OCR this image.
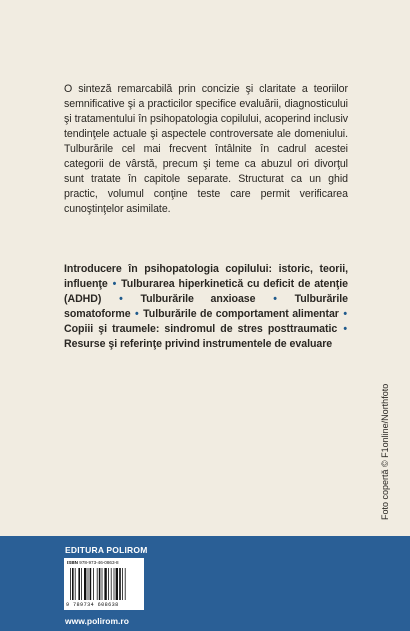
O sinteză remarcabilă prin concizie şi claritate a teoriilor semnificative şi a practicilor specifice evaluării, diagnosticului şi tratamentului în psihopatologia copilului, acoperind inclusiv tendinţele actuale şi aspectele controversate ale domeniului. Tulburările cel mai frecvent întâlnite în cadrul acestei categorii de vârstă, precum şi teme ca abuzul ori divorţul sunt tratate în capitole separate. Structurat ca un ghid practic, volumul conţine teste care permit verificarea cunoştinţelor asimilate.

Introducere în psihopatologia copilului: istoric, teorii, influenţe • Tulburarea hiperkinetică cu deficit de atenţie (ADHD) • Tulburările anxioase • Tulburările somatoforme • Tulburările de comportament alimentar • Copiii şi traumele: sindromul de stres posttraumatic • Resurse şi referinţe privind instrumentele de evaluare

Foto copertă © F1online/Northfoto
EDITURA POLIROM
ISBN 978-973-46-0863-8
9 789734 608638
www.polirom.ro
